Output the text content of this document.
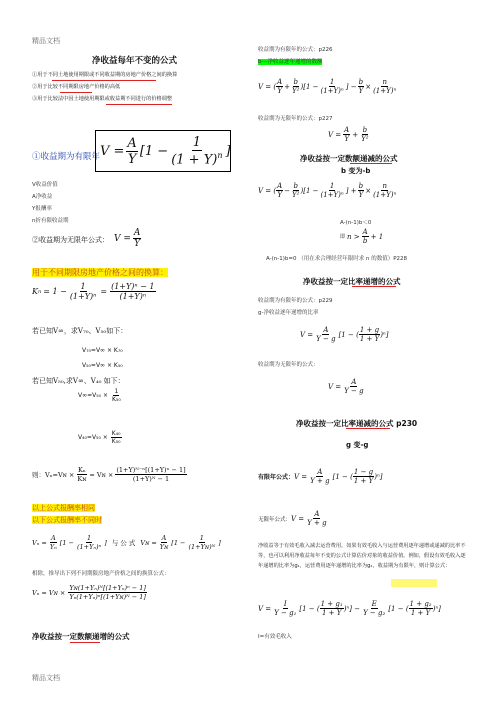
精品文档
精品文档
净收益每年不变的公式
①用于不同土地使用期限或不同收益期的房地产价格之间的换算
②用于比较不同期限房地产价格的高低
③用于比较法中因土地使用期限或收益期不同进行的价格调整
①收益期为有限年 $V = \frac{A}{Y} [1 - \frac{1}{(1 + Y)^n}$ ]
V收益价值
A净收益
Y报酬率
n折有限收益期
②收益期为无限年公式： $V = \frac{A}{Y}$
用于不同期限房地产价格之间的换算：
K $n = 1 - \frac{1}{\text{(1+Y)ⁿ}} = \frac{\text{(1+Y)ⁿ − 1}}{\text{(1+Y)ⁿ}}$
若已知V∞，求V₇₀、V₅₀如下：
V₇₀=V∞ × K₇₀
V₅₀=V∞ × K₅₀
若已知V₅₀,求V∞、V₄₀ 如下：
$V\infty=V_{50} \times \frac{1}{\text{K₅₀}}$
$V_{40}=V_{50} \times \frac{\text{K₄₀}}{\text{K₅₀}}$
则：Vₙ=Vɴ × $\frac{\text{Kₙ}}{\text{Kɴ}}$ = Vɴ × $\frac{\text{(1+Y)ᴺ⁻ⁿ[(1+Y)ⁿ − 1]}}{\text{(1+Y)ᴺ − 1}}$
以上公式报酬率相同
以下公式报酬率不同时
$V_n = \frac{A}{\text{Yₙ}} [1 - \frac{1}{\text{(1+Yₙ)ⁿ}}$ ] 与 公 式 Vɴ = $\frac{A}{\text{Yɴ}} [1 - \frac{1}{\text{(1+Yɴ)ᴺ}}$ ]
相除，推导出下列不同期限房地产价格之间的换算公式：
Vₙ = Vɴ × $\frac{\text{Yɴ(1+Yₙ)ᴺ[(1+Yₙ)ⁿ − 1]}}{\text{Yₙ(1+Yₙ)ⁿ[(1+Yɴ)ᴺ − 1]}}$
净收益按一定数额递增的公式
收益期为有限年的公式：p226
b---净收益逐年递增的数额
V = ( $\frac{A}{Y} + \frac{b}{\text{Y²}} )[1 - \frac{1}{\text{(1+Y)ⁿ}}$ ] − $\frac{b}{Y} \times \frac{n}{\text{(1+Y)ⁿ}}$
收益期为无限年的公式：p227
$V = \frac{A}{Y} + \frac{b}{\text{Y²}}$
净收益按一定数额递减的公式
b 变为-b
V = ( $\frac{A}{Y} - \frac{b}{\text{Y²}} )[1 - \frac{1}{\text{(1+Y)ⁿ}}$ ] + $\frac{b}{Y} \times \frac{n}{\text{(1+Y)ⁿ}}$
A-(n-1)b＜0
即 $n > \frac{A}{b} + 1$
A-(n-1)b=0 （用在求合理经营年限时求 n 的数值）P228
净收益按一定比率递增的公式
收益期为有限年的公式：p229
g-净收益逐年递增的比率
$V = \frac{A}{Y - g} [1$ − ( $\frac{1 + g}{1 + Y} )^n$]
收益期为无限年的公式：
$V = \frac{A}{Y - g}$
净收益按一定比率递减的公式 p230
g 变-g
有限年公式： $V = \frac{A}{Y + g} [1$ − ( $\frac{1 - g}{1 + Y} )^n$]
无限年公式： $V = \frac{A}{Y + g}$
净收益等于有效毛收入减去运营费用。如果有效毛收入与运营费用逐年递增或递减的比率不等，也可以利用净收益每年不变的公式计算估价对象的收益价值。例如，假设有效毛收入逐年递增的比率为g₁，运营费用逐年递增的比率为g₂，收益期为有限年，则计算公式：
$V = \frac{I}{\text{Y − g₁}} [1$ − ( $\frac{\text{1 + g₁}}{1 + Y} )^n] - \frac{E}{\text{Y − g₂}} [1$ − ( $\frac{\text{1 + g₂}}{1 + Y} )^n$]
I=有效毛收入
